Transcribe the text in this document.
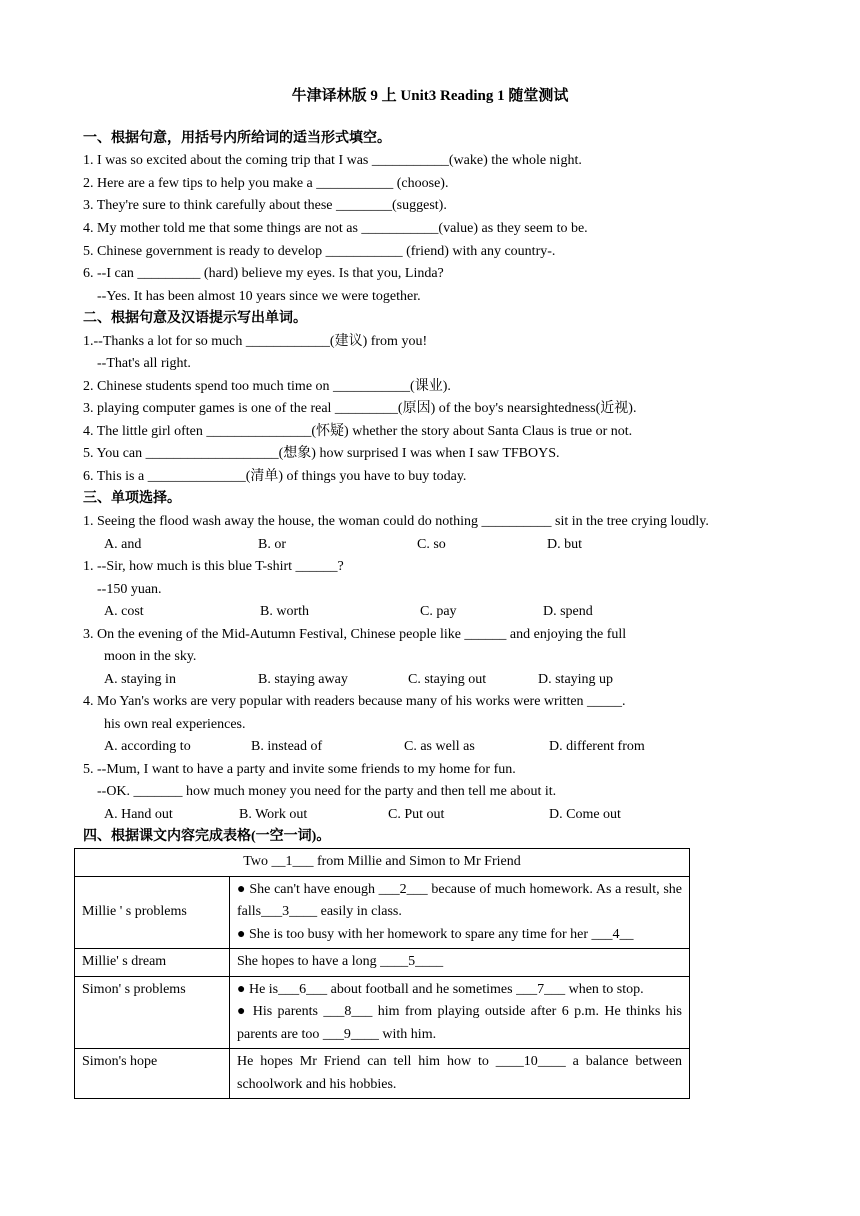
牛津译林版 9 上 Unit3 Reading 1 随堂测试
一、根据句意，用括号内所给词的适当形式填空。
1. I was so excited about the coming trip that I was ___________(wake) the whole night.
2. Here are a few tips to help you make a ___________ (choose).
3. They're sure to think carefully about these ________(suggest).
4. My mother told me that some things are not as ___________(value) as they seem to be.
5. Chinese government is ready to develop ___________ (friend) with any country-.
6. --I can _________ (hard) believe my eyes. Is that you, Linda?
--Yes. It has been almost 10 years since we were together.
二、根据句意及汉语提示写出单词。
1.--Thanks a lot for so much ____________(建议) from you!
--That's all right.
2. Chinese students spend too much time on ___________(课业).
3. playing computer games is one of the real _________(原因) of the boy's nearsightedness(近视).
4. The little girl often _______________(怀疑) whether the story about Santa Claus is true or not.
5. You can ___________________(想象) how surprised I was when I saw TFBOYS.
6. This is a ______________(清单) of things you have to buy today.
三、单项选择。
1. Seeing the flood wash away the house, the woman could do nothing __________ sit in the tree crying loudly.
A. and	B. or	C. so	D. but
1. --Sir, how much is this blue T-shirt ______?
--150 yuan.
A. cost	B. worth	C. pay	D. spend
3. On the evening of the Mid-Autumn Festival, Chinese people like ______ and enjoying the full
moon in the sky.
A. staying in	B. staying away	C. staying out	D. staying up
4. Mo Yan's works are very popular with readers because many of his works were written _____.
his own real experiences.
A. according to	B. instead of	C. as well as	D. different from
5. --Mum, I want to have a party and invite some friends to my home for fun.
--OK. _______ how much money you need for the party and then tell me about it.
A. Hand out	B. Work out	C. Put out	D. Come out
四、根据课文内容完成表格(一空一词)。
Two __1___ from Millie and Simon to Mr Friend	
Millie ' s problems	● She can't have enough ___2___ because of much homework. As a result, she falls___3____ easily in class.
● She is too busy with her homework to spare any time for her ___4__
Millie' s dream	She hopes to have a long ____5____
Simon' s problems	● He is___6___ about football and he sometimes ___7___ when to stop.
● His parents ___8___ him from playing outside after 6 p.m. He thinks his parents are too ___9____ with him.
Simon's hope	He hopes Mr Friend can tell him how to ____10____ a balance between schoolwork and his hobbies.
